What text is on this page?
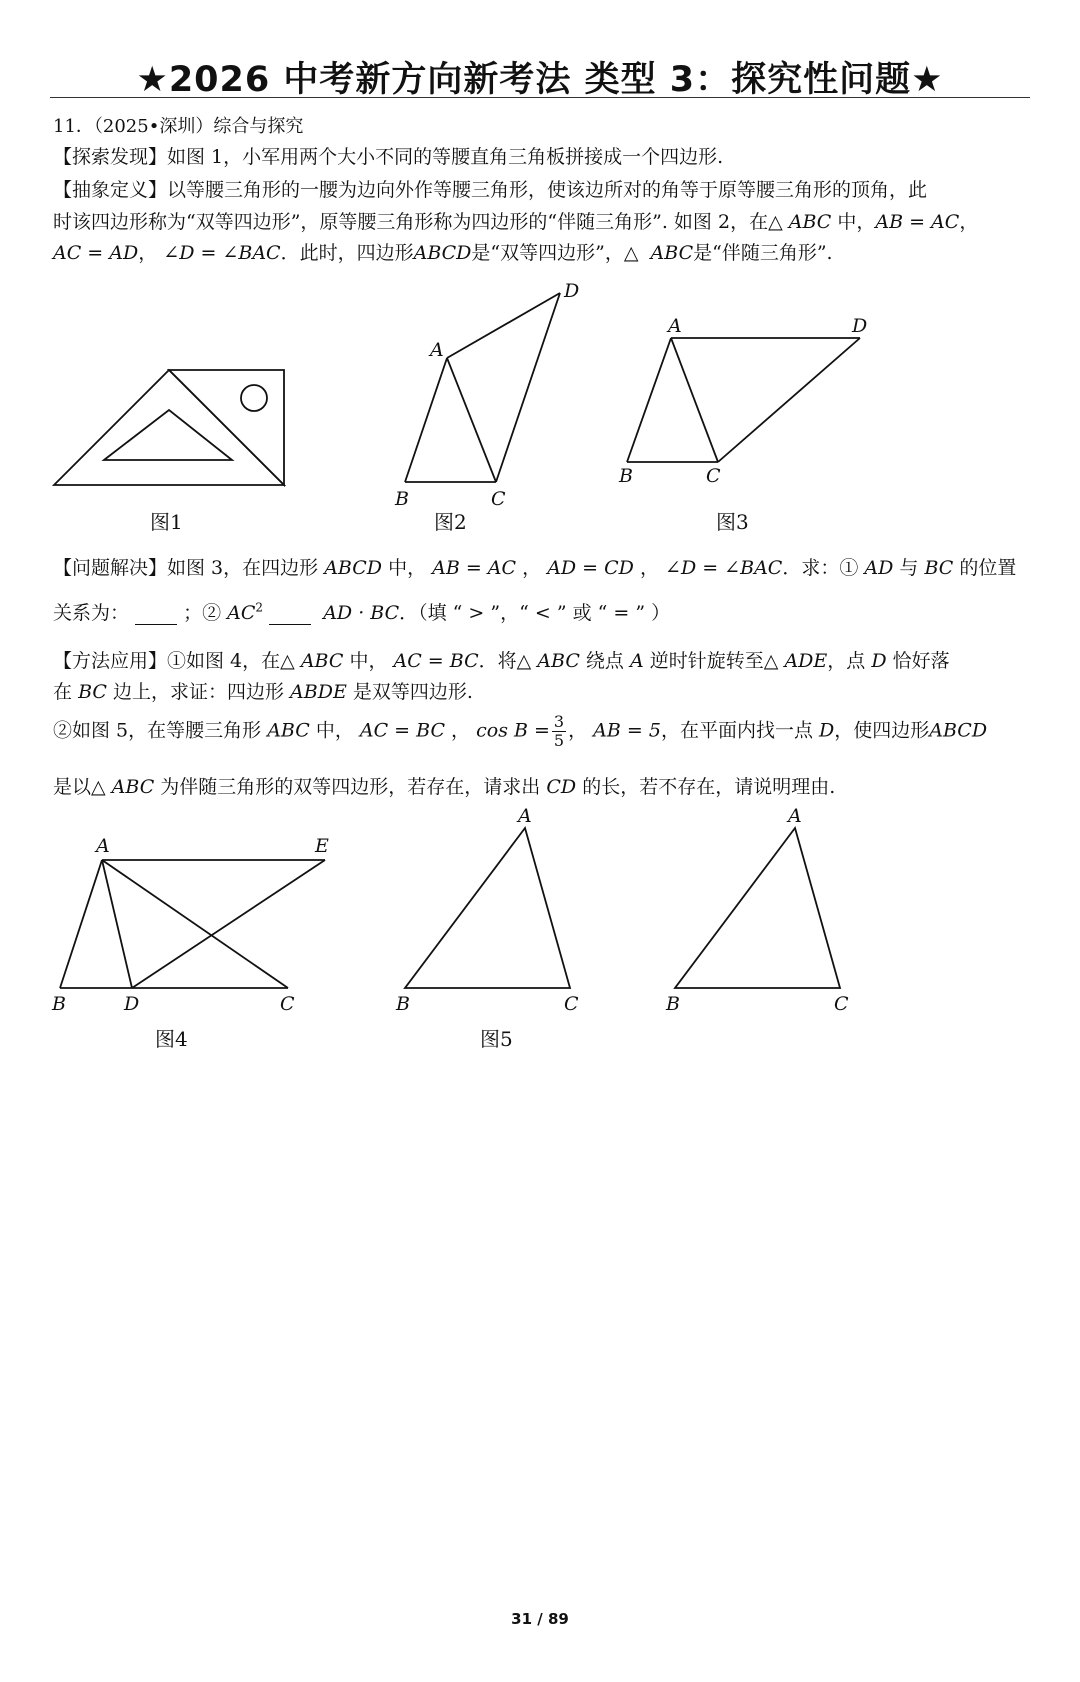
★2026 中考新方向新考法 类型 3：探究性问题★
11．（2025•深圳）综合与探究
【探索发现】如图 1，小军用两个大小不同的等腰直角三角板拼接成一个四边形.
【抽象定义】以等腰三角形的一腰为边向外作等腰三角形，使该边所对的角等于原等腰三角形的顶角，此
时该四边形称为“双等四边形”，原等腰三角形称为四边形的“伴随三角形”. 如图 2，在△ ABC 中，AB = AC，
AC = AD， ∠D = ∠BAC．此时，四边形ABCD是“双等四边形”，△ ABC是“伴随三角形”.
图1
A
B	C
D
图2
A
B	C
D
图3
【问题解决】如图 3，在四边形 ABCD 中， AB = AC ， AD = CD ， ∠D = ∠BAC．求：① AD 与 BC 的位置
关系为：	；② $AC^2$	AD · BC．（填 “ > ”，“ < ” 或 “ = ” ）
【方法应用】①如图 4，在△ ABC 中， AC = BC．将△ ABC 绕点 A 逆时针旋转至△ ADE，点 D 恰好落
在 BC 边上，求证：四边形 ABDE 是双等四边形.
②如图 5，在等腰三角形 ABC 中， AC = BC ， $\cos B = \frac{3}{5}$ ， AB = 5，在平面内找一点 D，使四边形ABCD
是以△ ABC 为伴随三角形的双等四边形，若存在，请求出 CD 的长，若不存在，请说明理由.
A
B	D	C
E
图4
A
B	C
图5
A
B	C
31 / 89
